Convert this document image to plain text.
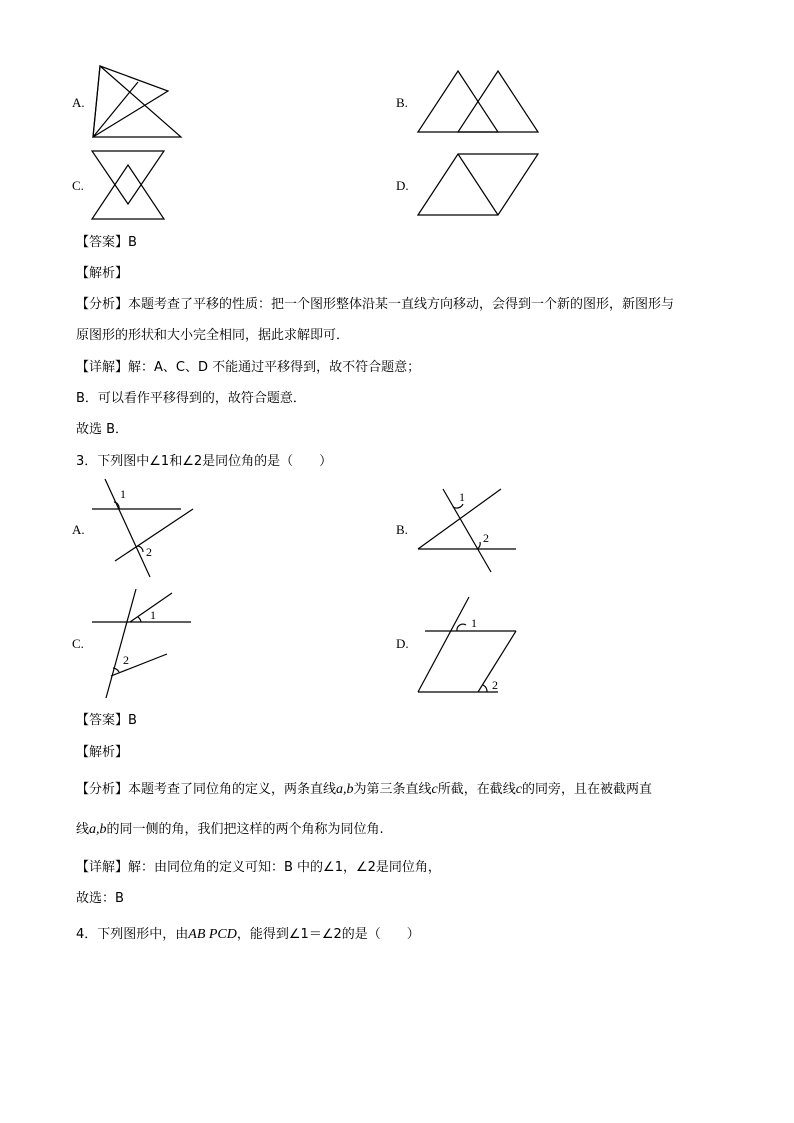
A.	B.
C.	D.
【答案】B
【解析】
【分析】本题考查了平移的性质：把一个图形整体沿某一直线方向移动，会得到一个新的图形，新图形与
原图形的形状和大小完全相同，据此求解即可．
【详解】解：A、C、D 不能通过平移得到，故不符合题意；
B．可以看作平移得到的，故符合题意．
故选 B．
3．下列图中∠1和∠2是同位角的是（　　）
A.
1
2
B.
1
2
C.
1
2
D.
1
2
【答案】B
【解析】
【分析】本题考查了同位角的定义，两条直线a,b为第三条直线c所截，在截线c的同旁，且在被截两直
线a,b的同一侧的角，我们把这样的两个角称为同位角.
【详解】解：由同位角的定义可知：B 中的∠1，∠2是同位角，
故选：B
4．下列图形中，由AB PCD，能得到∠1＝∠2的是（　　）
